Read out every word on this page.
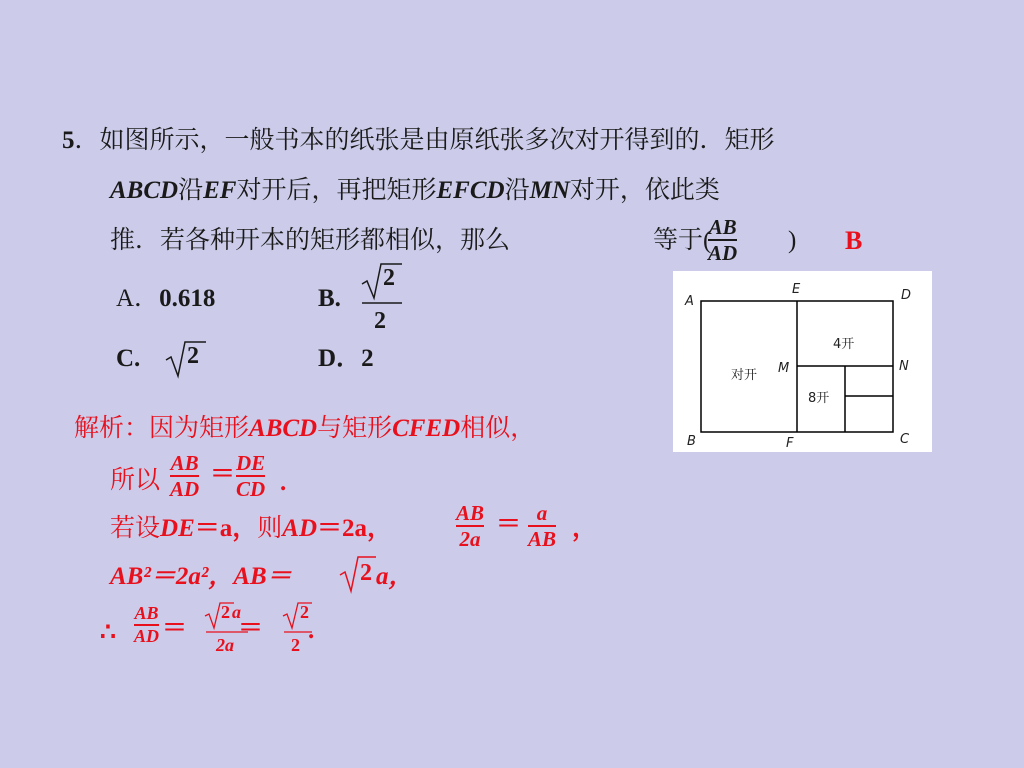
5．如图所示，一般书本的纸张是由原纸张多次对开得到的．矩形
ABCD沿EF对开后，再把矩形EFCD沿MN对开，依此类
推．若各种开本的矩形都相似，那么	AB
AD
等于(	) B
A．0.618	B.
2
2
C. 2	D．2
A
E	D
B	F	C
M	N
对开
4开
8开
解析：因为矩形ABCD与矩形CFED相似，
所以
AB
AD
＝ DE
CD .
若设DE＝a，则AD＝2a，
AB
2a
＝ a
AB ，
AB²＝2a²，AB＝	2 a，
∴
AB
AD ＝
2 a
2a
＝
2
2
.
